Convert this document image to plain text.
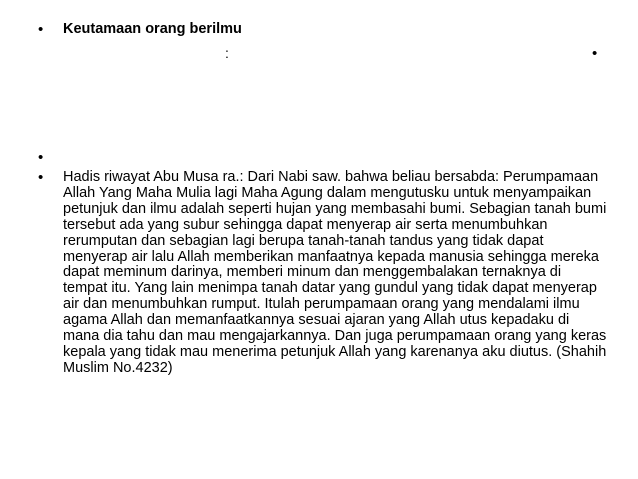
• Keutamaan orang berilmu
:	•
•
• Hadis riwayat Abu Musa ra.: Dari Nabi saw. bahwa beliau bersabda: Perumpamaan Allah Yang Maha Mulia lagi Maha Agung dalam mengutusku untuk menyampaikan petunjuk dan ilmu adalah seperti hujan yang membasahi bumi. Sebagian tanah bumi tersebut ada yang subur sehingga dapat menyerap air serta menumbuhkan rerumputan dan sebagian lagi berupa tanah-tanah tandus yang tidak dapat menyerap air lalu Allah memberikan manfaatnya kepada manusia sehingga mereka dapat meminum darinya, memberi minum dan menggembalakan ternaknya di tempat itu. Yang lain menimpa tanah datar yang gundul yang tidak dapat menyerap air dan menumbuhkan rumput. Itulah perumpamaan orang yang mendalami ilmu agama Allah dan memanfaatkannya sesuai ajaran yang Allah utus kepadaku di mana dia tahu dan mau mengajarkannya. Dan juga perumpamaan orang yang keras kepala yang tidak mau menerima petunjuk Allah yang karenanya aku diutus. (Shahih Muslim No.4232)
